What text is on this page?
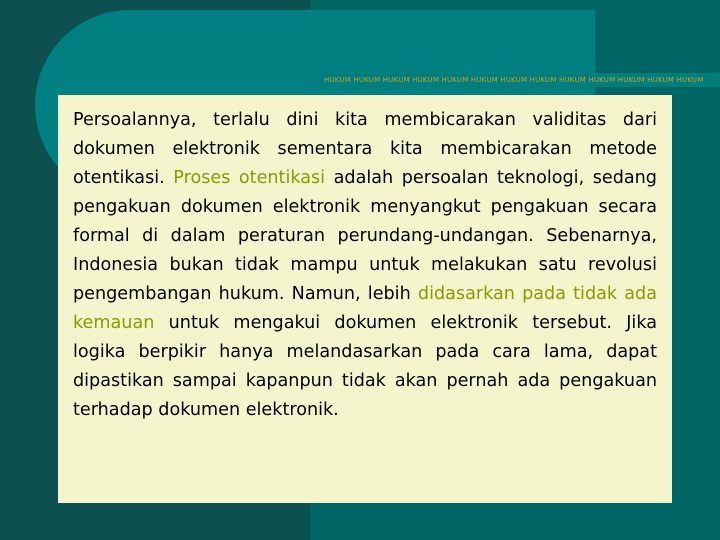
HUKUM HUKUM HUKUM HUKUM HUKUM HUKUM HUKUM HUKUM HUKUM HUKUM HUKUM HUKUM HUKUM

Persoalannya, terlalu dini kita membicarakan validitas dari dokumen elektronik sementara kita membicarakan metode otentikasi. Proses otentikasi adalah persoalan teknologi, sedang pengakuan dokumen elektronik menyangkut pengakuan secara formal di dalam peraturan perundang-undangan. Sebenarnya, Indonesia bukan tidak mampu untuk melakukan satu revolusi pengembangan hukum. Namun, lebih didasarkan pada tidak ada kemauan untuk mengakui dokumen elektronik tersebut. Jika logika berpikir hanya melandasarkan pada cara lama, dapat dipastikan sampai kapanpun tidak akan pernah ada pengakuan terhadap dokumen elektronik.
